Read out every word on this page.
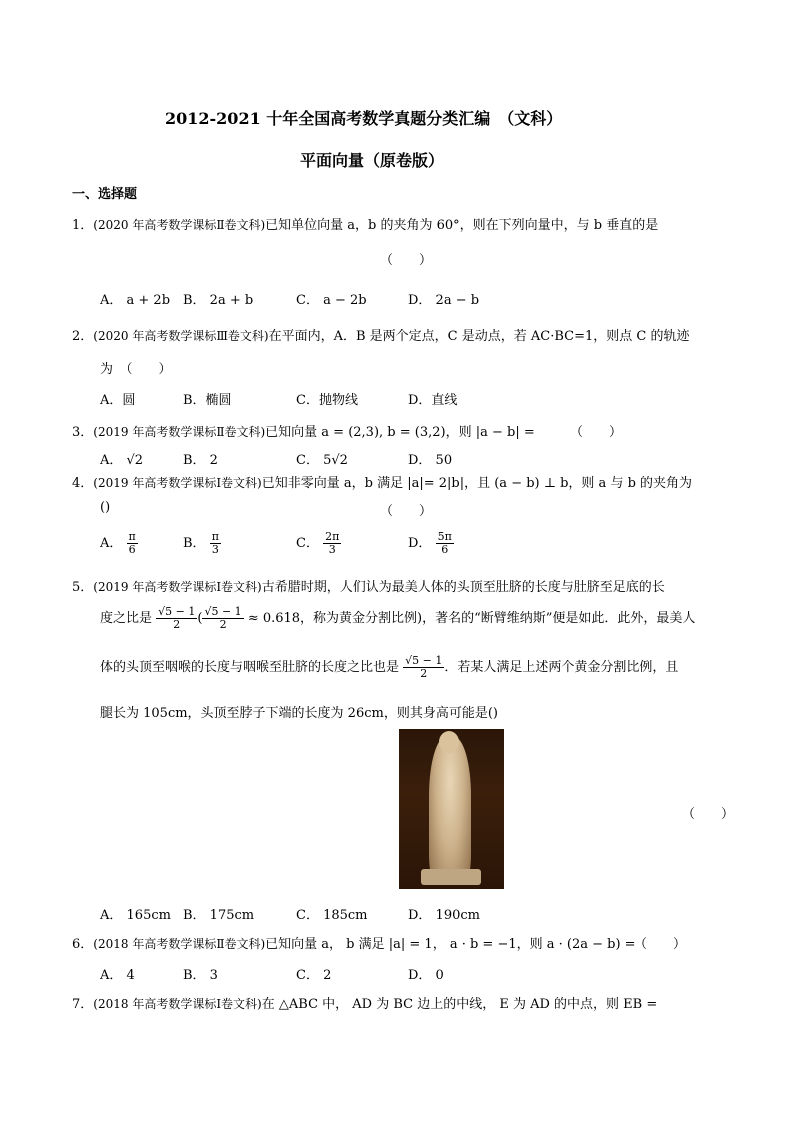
2012-2021 十年全国高考数学真题分类汇编　（文科）
平面向量（原卷版）
一、选择题
1．(2020 年高考数学课标Ⅱ卷文科)已知单位向量 a，b 的夹角为 60°，则在下列向量中，与 b 垂直的是
（　　）
A． a + 2b B． 2a + b	C． a − 2b	D． 2a − b
2．(2020 年高考数学课标Ⅲ卷文科)在平面内，A．B 是两个定点，C 是动点，若 AC·BC=1，则点 C 的轨迹
为　（　　）
A．圆	B．椭圆	C．抛物线	D．直线
3．(2019 年高考数学课标Ⅱ卷文科)已知向量 a = (2,3), b = (3,2)，则 |a − b| =	（　　）
A． √2	B． 2	C． 5√2	D． 50
4．(2019 年高考数学课标Ⅰ卷文科)已知非零向量 a，b 满足 |a|= 2|b|，且 (a − b) ⊥ b，则 a 与 b 的夹角为
()	（　　）
A． $\frac{\pi}{6}$	B． $\frac{\pi}{3}$	C． $\frac{2\pi}{3}$	D． $\frac{5\pi}{6}$
5．(2019 年高考数学课标Ⅰ卷文科)古希腊时期，人们认为最美人体的头顶至肚脐的长度与肚脐至足底的长
度之比是 $\frac{√5 - 1}{2}$ ( $\frac{√5 - 1}{2} \approx 0.618$，称为黄金分割比例)，著名的“断臂维纳斯”便是如此．此外，最美人
体的头顶至咽喉的长度与咽喉至肚脐的长度之比也是 $\frac{√5 - 1}{2}$ ．若某人满足上述两个黄金分割比例，且
腿长为 105cm，头顶至脖子下端的长度为 26cm，则其身高可能是()
（　　）
A． 165cm B． 175cm	C． 185cm	D． 190cm
6．(2018 年高考数学课标Ⅱ卷文科)已知向量 a， b 满足 |a| = 1， a · b = −1，则 a · (2a − b) =
（　　）
A． 4	B． 3	C． 2	D． 0
7．(2018 年高考数学课标Ⅰ卷文科)在 △ABC 中， AD 为 BC 边上的中线， E 为 AD 的中点，则 EB =
